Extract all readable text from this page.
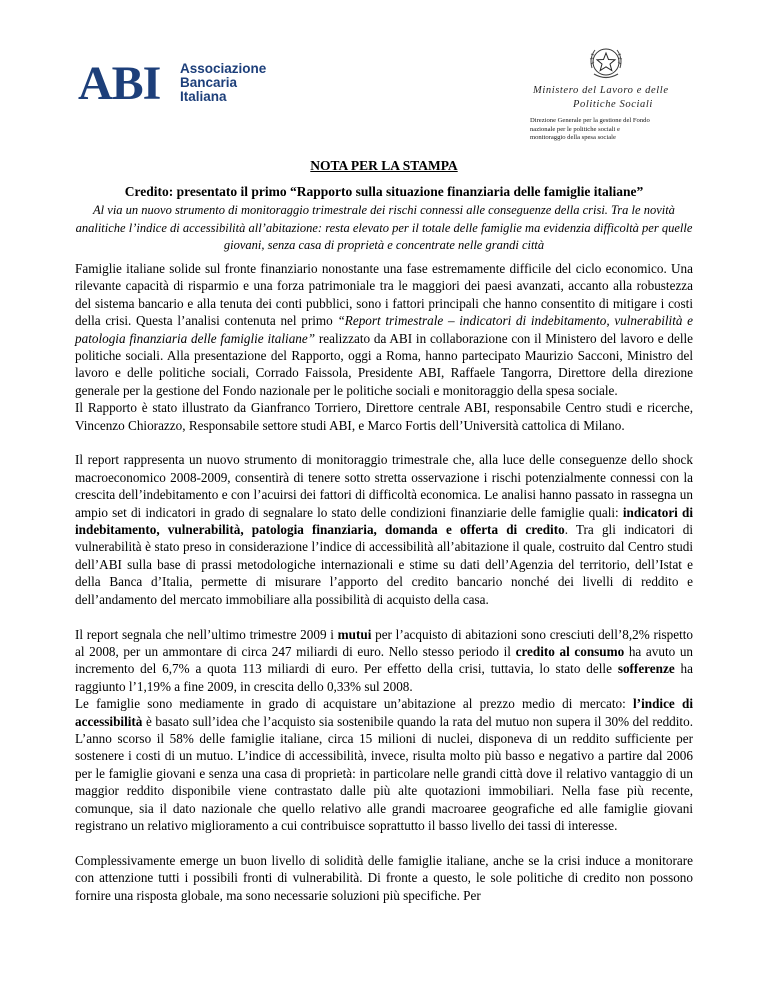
ABI Associazione
Bancaria
Italiana	Ministero del Lavoro e delle
Politiche Sociali
Direzione Generale per la gestione del Fondo
nazionale per le politiche sociali e
monitoraggio della spesa sociale
NOTA PER LA STAMPA
Credito: presentato il primo “Rapporto sulla situazione finanziaria delle famiglie italiane”
Al via un nuovo strumento di monitoraggio trimestrale dei rischi connessi alle conseguenze della crisi. Tra le novità analitiche l’indice di accessibilità all’abitazione: resta elevato per il totale delle famiglie ma evidenzia difficoltà per quelle giovani, senza casa di proprietà e concentrate nelle grandi città

Famiglie italiane solide sul fronte finanziario nonostante una fase estremamente difficile del ciclo economico. Una rilevante capacità di risparmio e una forza patrimoniale tra le maggiori dei paesi avanzati, accanto alla robustezza del sistema bancario e alla tenuta dei conti pubblici, sono i fattori principali che hanno consentito di mitigare i costi della crisi. Questa l’analisi contenuta nel primo “Report trimestrale – indicatori di indebitamento, vulnerabilità e patologia finanziaria delle famiglie italiane” realizzato da ABI in collaborazione con il Ministero del lavoro e delle politiche sociali. Alla presentazione del Rapporto, oggi a Roma, hanno partecipato Maurizio Sacconi, Ministro del lavoro e delle politiche sociali, Corrado Faissola, Presidente ABI, Raffaele Tangorra, Direttore della direzione generale per la gestione del Fondo nazionale per le politiche sociali e monitoraggio della spesa sociale.

Il Rapporto è stato illustrato da Gianfranco Torriero, Direttore centrale ABI, responsabile Centro studi e ricerche, Vincenzo Chiorazzo, Responsabile settore studi ABI, e Marco Fortis dell’Università cattolica di Milano.

Il report rappresenta un nuovo strumento di monitoraggio trimestrale che, alla luce delle conseguenze dello shock macroeconomico 2008-2009, consentirà di tenere sotto stretta osservazione i rischi potenzialmente connessi con la crescita dell’indebitamento e con l’acuirsi dei fattori di difficoltà economica. Le analisi hanno passato in rassegna un ampio set di indicatori in grado di segnalare lo stato delle condizioni finanziarie delle famiglie quali: indicatori di indebitamento, vulnerabilità, patologia finanziaria, domanda e offerta di credito. Tra gli indicatori di vulnerabilità è stato preso in considerazione l’indice di accessibilità all’abitazione il quale, costruito dal Centro studi dell’ABI sulla base di prassi metodologiche internazionali e stime su dati dell’Agenzia del territorio, dell’Istat e della Banca d’Italia, permette di misurare l’apporto del credito bancario nonché dei livelli di reddito e dell’andamento del mercato immobiliare alla possibilità di acquisto della casa.

Il report segnala che nell’ultimo trimestre 2009 i mutui per l’acquisto di abitazioni sono cresciuti dell’8,2% rispetto al 2008, per un ammontare di circa 247 miliardi di euro. Nello stesso periodo il credito al consumo ha avuto un incremento del 6,7% a quota 113 miliardi di euro. Per effetto della crisi, tuttavia, lo stato delle sofferenze ha raggiunto l’1,19% a fine 2009, in crescita dello 0,33% sul 2008.

Le famiglie sono mediamente in grado di acquistare un’abitazione al prezzo medio di mercato: l’indice di accessibilità è basato sull’idea che l’acquisto sia sostenibile quando la rata del mutuo non supera il 30% del reddito. L’anno scorso il 58% delle famiglie italiane, circa 15 milioni di nuclei, disponeva di un reddito sufficiente per sostenere i costi di un mutuo. L’indice di accessibilità, invece, risulta molto più basso e negativo a partire dal 2006 per le famiglie giovani e senza una casa di proprietà: in particolare nelle grandi città dove il relativo vantaggio di un maggior reddito disponibile viene contrastato dalle più alte quotazioni immobiliari. Nella fase più recente, comunque, sia il dato nazionale che quello relativo alle grandi macroaree geografiche ed alle famiglie giovani registrano un relativo miglioramento a cui contribuisce soprattutto il basso livello dei tassi di interesse.

Complessivamente emerge un buon livello di solidità delle famiglie italiane, anche se la crisi induce a monitorare con attenzione tutti i possibili fronti di vulnerabilità. Di fronte a questo, le sole politiche di credito non possono fornire una risposta globale, ma sono necessarie soluzioni più specifiche. Per
